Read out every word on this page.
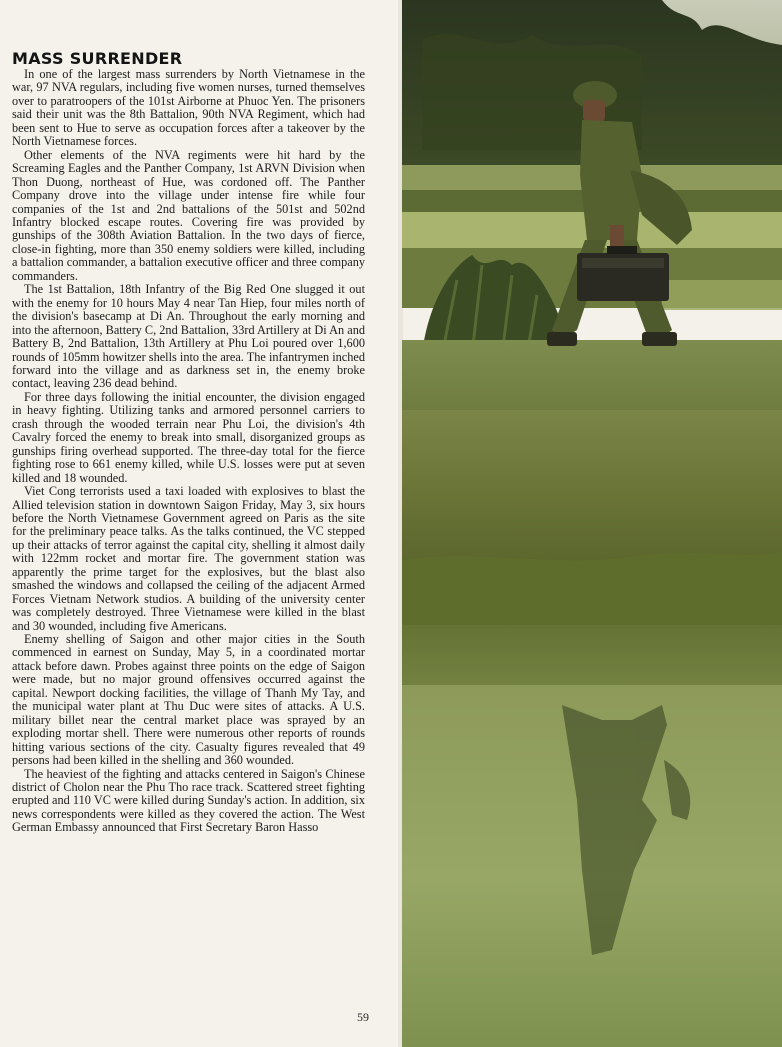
MASS SURRENDER

In one of the largest mass surrenders by North Vietnamese in the war, 97 NVA regulars, including five women nurses, turned themselves over to paratroopers of the 101st Airborne at Phuoc Yen. The prisoners said their unit was the 8th Battalion, 90th NVA Regiment, which had been sent to Hue to serve as occupation forces after a takeover by the North Vietnamese forces.

Other elements of the NVA regiments were hit hard by the Screaming Eagles and the Panther Company, 1st ARVN Division when Thon Duong, northeast of Hue, was cordoned off. The Panther Company drove into the village under intense fire while four companies of the 1st and 2nd battalions of the 501st and 502nd Infantry blocked escape routes. Covering fire was provided by gunships of the 308th Aviation Battalion. In the two days of fierce, close-in fighting, more than 350 enemy soldiers were killed, including a battalion commander, a battalion executive officer and three company commanders.

The 1st Battalion, 18th Infantry of the Big Red One slugged it out with the enemy for 10 hours May 4 near Tan Hiep, four miles north of the division's basecamp at Di An. Throughout the early morning and into the afternoon, Battery C, 2nd Battalion, 33rd Artillery at Di An and Battery B, 2nd Battalion, 13th Artillery at Phu Loi poured over 1,600 rounds of 105mm howitzer shells into the area. The infantrymen inched forward into the village and as darkness set in, the enemy broke contact, leaving 236 dead behind.

For three days following the initial encounter, the division engaged in heavy fighting. Utilizing tanks and armored personnel carriers to crash through the wooded terrain near Phu Loi, the division's 4th Cavalry forced the enemy to break into small, disorganized groups as gunships firing overhead supported. The three-day total for the fierce fighting rose to 661 enemy killed, while U.S. losses were put at seven killed and 18 wounded.

Viet Cong terrorists used a taxi loaded with explosives to blast the Allied television station in downtown Saigon Friday, May 3, six hours before the North Vietnamese Government agreed on Paris as the site for the preliminary peace talks. As the talks continued, the VC stepped up their attacks of terror against the capital city, shelling it almost daily with 122mm rocket and mortar fire. The government station was apparently the prime target for the explosives, but the blast also smashed the windows and collapsed the ceiling of the adjacent Armed Forces Vietnam Network studios. A building of the university center was completely destroyed. Three Vietnamese were killed in the blast and 30 wounded, including five Americans.

Enemy shelling of Saigon and other major cities in the South commenced in earnest on Sunday, May 5, in a coordinated mortar attack before dawn. Probes against three points on the edge of Saigon were made, but no major ground offensives occurred against the capital. Newport docking facilities, the village of Thanh My Tay, and the municipal water plant at Thu Duc were sites of attacks. A U.S. military billet near the central market place was sprayed by an exploding mortar shell. There were numerous other reports of rounds hitting various sections of the city. Casualty figures revealed that 49 persons had been killed in the shelling and 360 wounded.

The heaviest of the fighting and attacks centered in Saigon's Chinese district of Cholon near the Phu Tho race track. Scattered street fighting erupted and 110 VC were killed during Sunday's action. In addition, six news correspondents were killed as they covered the action. The West German Embassy announced that First Secretary Baron Hasso

59
